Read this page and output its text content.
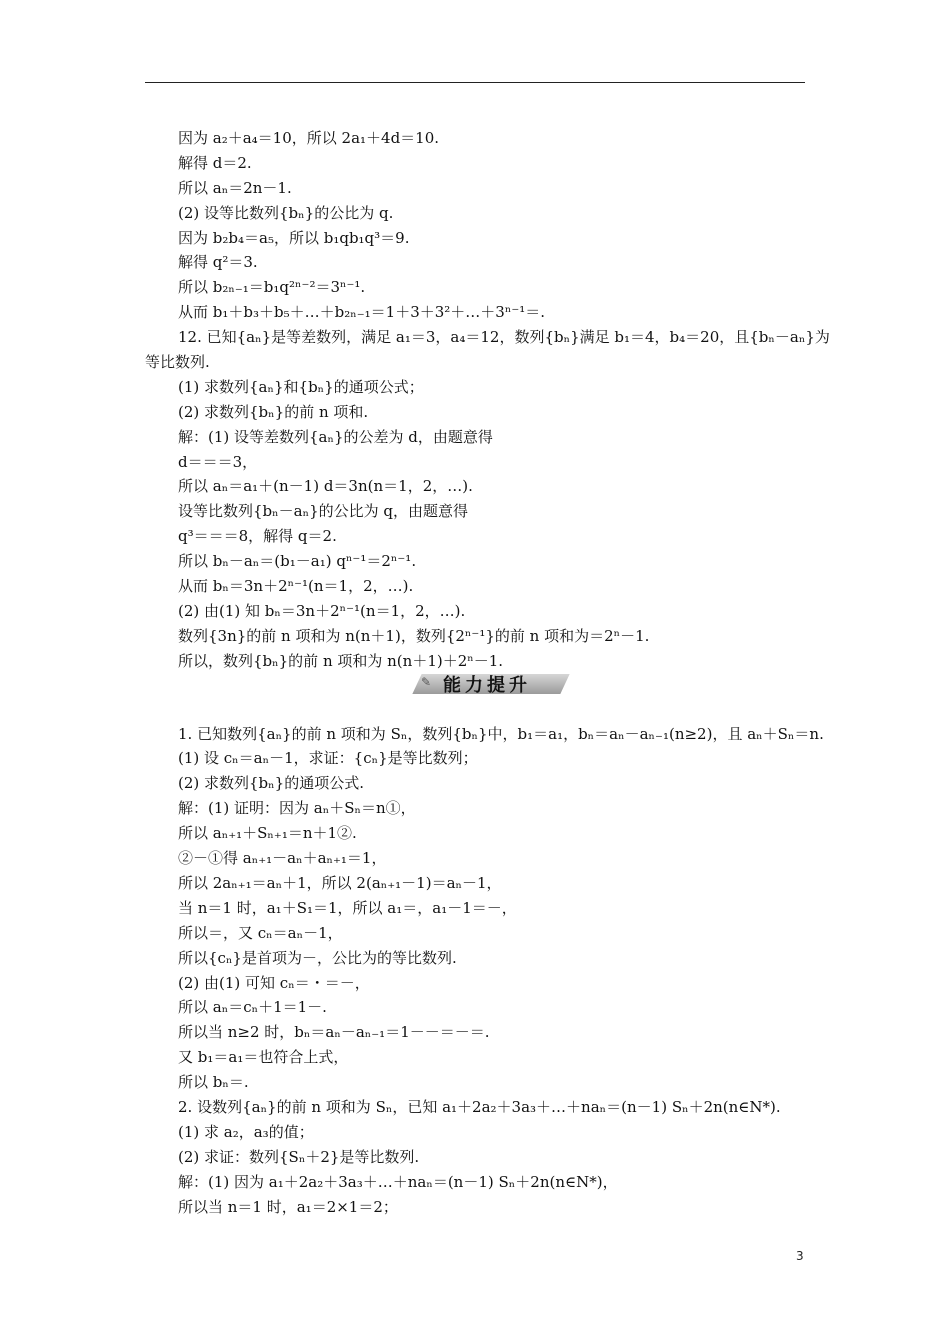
因为 a₂＋a₄＝10，所以 2a₁＋4d＝10.
解得 d＝2.
所以 aₙ＝2n－1.
(2) 设等比数列{bₙ}的公比为 q.
因为 b₂b₄＝a₅，所以 b₁qb₁q³＝9.
解得 q²＝3.
所以 b₂ₙ₋₁＝b₁q²ⁿ⁻²＝3ⁿ⁻¹.
从而 b₁＋b₃＋b₅＋…＋b₂ₙ₋₁＝1＋3＋3²＋…＋3ⁿ⁻¹＝.
12. 已知{aₙ}是等差数列，满足 a₁＝3，a₄＝12，数列{bₙ}满足 b₁＝4，b₄＝20，且{bₙ－aₙ}为
等比数列.
(1) 求数列{aₙ}和{bₙ}的通项公式；
(2) 求数列{bₙ}的前 n 项和.
解：(1) 设等差数列{aₙ}的公差为 d，由题意得
d＝＝＝3，
所以 aₙ＝a₁＋(n－1) d＝3n(n＝1，2，…).
设等比数列{bₙ－aₙ}的公比为 q，由题意得
q³＝＝＝8，解得 q＝2.
所以 bₙ－aₙ＝(b₁－a₁) qⁿ⁻¹＝2ⁿ⁻¹.
从而 bₙ＝3n＋2ⁿ⁻¹(n＝1，2，…).
(2) 由(1) 知 bₙ＝3n＋2ⁿ⁻¹(n＝1，2，…).
数列{3n}的前 n 项和为 n(n＋1)，数列{2ⁿ⁻¹}的前 n 项和为＝2ⁿ－1.
所以，数列{bₙ}的前 n 项和为 n(n＋1)＋2ⁿ－1.
✎ 能力提升
1. 已知数列{aₙ}的前 n 项和为 Sₙ，数列{bₙ}中，b₁＝a₁，bₙ＝aₙ－aₙ₋₁(n≥2)，且 aₙ＋Sₙ＝n.
(1) 设 cₙ＝aₙ－1，求证：{cₙ}是等比数列；
(2) 求数列{bₙ}的通项公式.
解：(1) 证明：因为 aₙ＋Sₙ＝n①，
所以 aₙ₊₁＋Sₙ₊₁＝n＋1②.
②－①得 aₙ₊₁－aₙ＋aₙ₊₁＝1，
所以 2aₙ₊₁＝aₙ＋1，所以 2(aₙ₊₁－1)＝aₙ－1，
当 n＝1 时，a₁＋S₁＝1，所以 a₁＝，a₁－1＝－，
所以＝，又 cₙ＝aₙ－1，
所以{cₙ}是首项为－，公比为的等比数列.
(2) 由(1) 可知 cₙ＝・＝－，
所以 aₙ＝cₙ＋1＝1－.
所以当 n≥2 时，bₙ＝aₙ－aₙ₋₁＝1－－＝－＝.
又 b₁＝a₁＝也符合上式，
所以 bₙ＝.
2. 设数列{aₙ}的前 n 项和为 Sₙ，已知 a₁＋2a₂＋3a₃＋…＋naₙ＝(n－1) Sₙ＋2n(n∈N*).
(1) 求 a₂，a₃的值；
(2) 求证：数列{Sₙ＋2}是等比数列.
解：(1) 因为 a₁＋2a₂＋3a₃＋…＋naₙ＝(n－1) Sₙ＋2n(n∈N*)，
所以当 n＝1 时，a₁＝2×1＝2；
3
